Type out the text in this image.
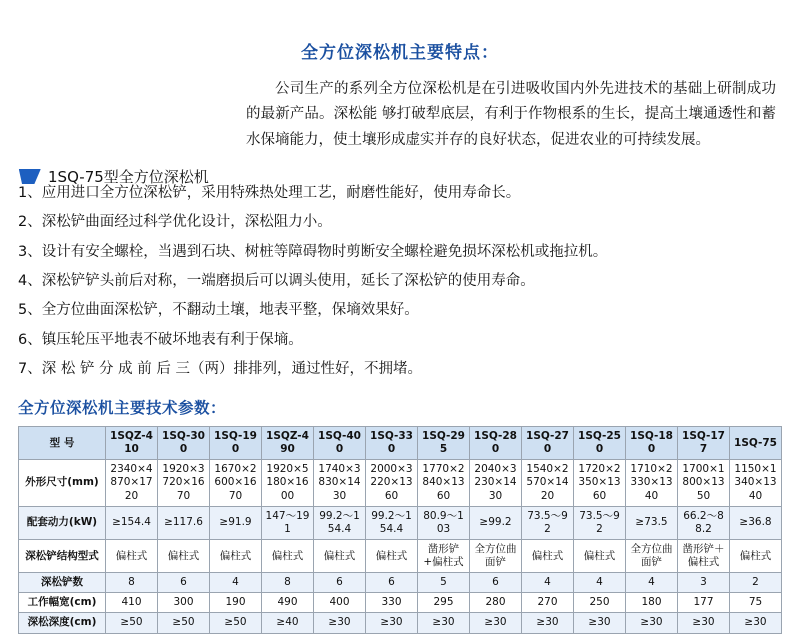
全方位深松机主要特点：
公司生产的系列全方位深松机是在引进吸收国内外先进技术的基础上研制成功的最新产品。深松能 够打破犁底层，有利于作物根系的生长，提高土壤通透性和蓄水保墒能力，使土壤形成虚实并存的良好状态，促进农业的可持续发展。
1SQ-75型全方位深松机
1、应用进口全方位深松铲，采用特殊热处理工艺，耐磨性能好，使用寿命长。
2、深松铲曲面经过科学优化设计，深松阻力小。
3、设计有安全螺栓，当遇到石块、树桩等障碍物时剪断安全螺栓避免损坏深松机或拖拉机。
4、深松铲铲头前后对称，一端磨损后可以调头使用，延长了深松铲的使用寿命。
5、全方位曲面深松铲，不翻动土壤，地表平整，保墒效果好。
6、镇压轮压平地表不破坏地表有利于保墒。
7、深 松 铲 分 成 前 后 三（两）排排列，通过性好，不拥堵。
全方位深松机主要技术参数：
型 号	1SQZ-410	1SQ-300	1SQ-190	1SQZ-490	1SQ-400	1SQ-330	1SQ-295	1SQ-280	1SQ-270	1SQ-250	1SQ-180	1SQ-177	1SQ-75
外形尺寸(mm)	2340×4870×1720	1920×3720×1670	1670×2600×1670	1920×5180×1600	1740×3830×1430	2000×3220×1360	1770×2840×1360	2040×3230×1430	1540×2570×1420	1720×2350×1360	1710×2330×1340	1700×1800×1350	1150×1340×1340
配套动力(kW)	≥154.4	≥117.6	≥91.9	147～191	99.2～154.4	99.2～154.4	80.9～103	≥99.2	73.5～92	73.5～92	≥73.5	66.2～88.2	≥36.8
深松铲结构型式	偏柱式	偏柱式	偏柱式	偏柱式	偏柱式	偏柱式	凿形铲+偏柱式	全方位曲面铲	偏柱式	偏柱式	全方位曲面铲	凿形铲＋偏柱式	偏柱式
深松铲数	8	6	4	8	6	6	5	6	4	4	4	3	2
工作幅宽(cm)	410	300	190	490	400	330	295	280	270	250	180	177	75
深松深度(cm)	≥50	≥50	≥50	≥40	≥30	≥30	≥30	≥30	≥30	≥30	≥30	≥30	≥30
